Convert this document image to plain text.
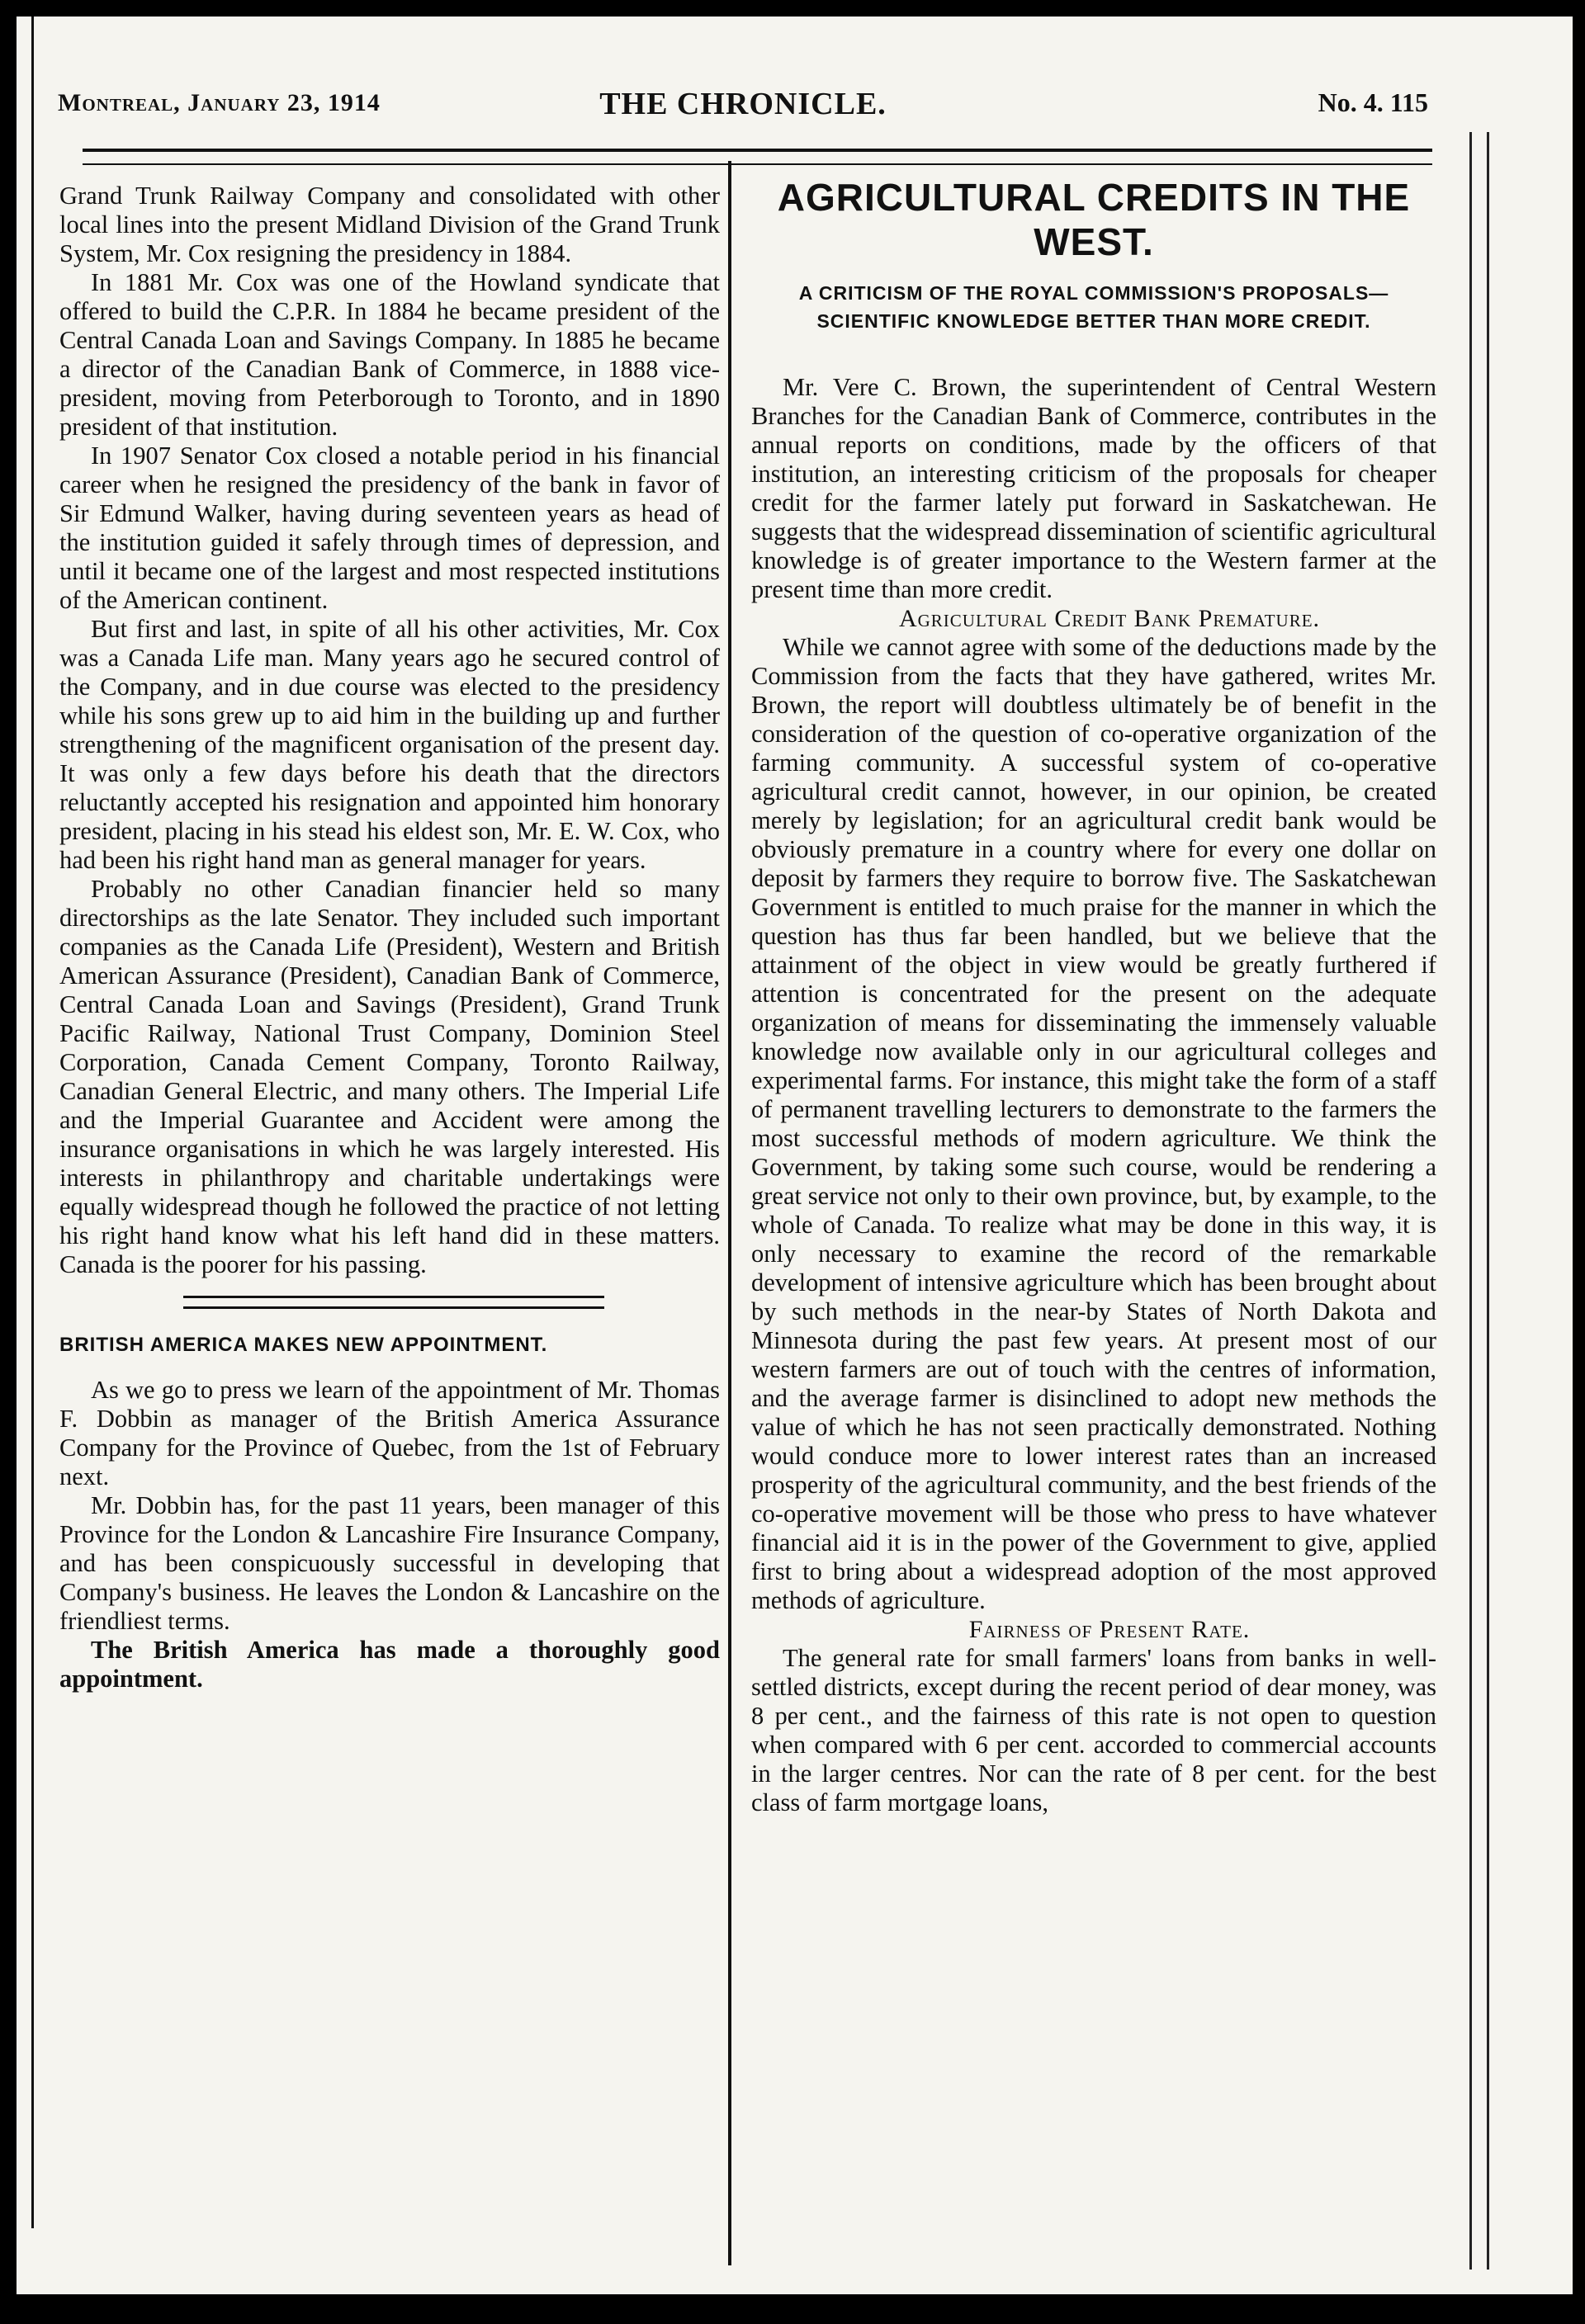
Montreal, January 23, 1914	THE CHRONICLE.	No. 4. 115

Grand Trunk Railway Company and consolidated with other local lines into the present Midland Division of the Grand Trunk System, Mr. Cox resigning the presidency in 1884.

In 1881 Mr. Cox was one of the Howland syndicate that offered to build the C.P.R. In 1884 he became president of the Central Canada Loan and Savings Company. In 1885 he became a director of the Canadian Bank of Commerce, in 1888 vice-president, moving from Peterborough to Toronto, and in 1890 president of that institution.

In 1907 Senator Cox closed a notable period in his financial career when he resigned the presidency of the bank in favor of Sir Edmund Walker, having during seventeen years as head of the institution guided it safely through times of depression, and until it became one of the largest and most respected institutions of the American continent.

But first and last, in spite of all his other activities, Mr. Cox was a Canada Life man. Many years ago he secured control of the Company, and in due course was elected to the presidency while his sons grew up to aid him in the building up and further strengthening of the magnificent organisation of the present day. It was only a few days before his death that the directors reluctantly accepted his resignation and appointed him honorary president, placing in his stead his eldest son, Mr. E. W. Cox, who had been his right hand man as general manager for years.

Probably no other Canadian financier held so many directorships as the late Senator. They included such important companies as the Canada Life (President), Western and British American Assurance (President), Canadian Bank of Commerce, Central Canada Loan and Savings (President), Grand Trunk Pacific Railway, National Trust Company, Dominion Steel Corporation, Canada Cement Company, Toronto Railway, Canadian General Electric, and many others. The Imperial Life and the Imperial Guarantee and Accident were among the insurance organisations in which he was largely interested. His interests in philanthropy and charitable undertakings were equally widespread though he followed the practice of not letting his right hand know what his left hand did in these matters. Canada is the poorer for his passing.

BRITISH AMERICA MAKES NEW APPOINTMENT.

As we go to press we learn of the appointment of Mr. Thomas F. Dobbin as manager of the British America Assurance Company for the Province of Quebec, from the 1st of February next.

Mr. Dobbin has, for the past 11 years, been manager of this Province for the London & Lancashire Fire Insurance Company, and has been conspicuously successful in developing that Company's business. He leaves the London & Lancashire on the friendliest terms.

The British America has made a thoroughly good appointment.

AGRICULTURAL CREDITS IN THE WEST.
A CRITICISM OF THE ROYAL COMMISSION'S PROPOSALS—SCIENTIFIC KNOWLEDGE BETTER THAN MORE CREDIT.

Mr. Vere C. Brown, the superintendent of Central Western Branches for the Canadian Bank of Commerce, contributes in the annual reports on conditions, made by the officers of that institution, an interesting criticism of the proposals for cheaper credit for the farmer lately put forward in Saskatchewan. He suggests that the widespread dissemination of scientific agricultural knowledge is of greater importance to the Western farmer at the present time than more credit.

Agricultural Credit Bank Premature.

While we cannot agree with some of the deductions made by the Commission from the facts that they have gathered, writes Mr. Brown, the report will doubtless ultimately be of benefit in the consideration of the question of co-operative organization of the farming community. A successful system of co-operative agricultural credit cannot, however, in our opinion, be created merely by legislation; for an agricultural credit bank would be obviously premature in a country where for every one dollar on deposit by farmers they require to borrow five. The Saskatchewan Government is entitled to much praise for the manner in which the question has thus far been handled, but we believe that the attainment of the object in view would be greatly furthered if attention is concentrated for the present on the adequate organization of means for disseminating the immensely valuable knowledge now available only in our agricultural colleges and experimental farms. For instance, this might take the form of a staff of permanent travelling lecturers to demonstrate to the farmers the most successful methods of modern agriculture. We think the Government, by taking some such course, would be rendering a great service not only to their own province, but, by example, to the whole of Canada. To realize what may be done in this way, it is only necessary to examine the record of the remarkable development of intensive agriculture which has been brought about by such methods in the near-by States of North Dakota and Minnesota during the past few years. At present most of our western farmers are out of touch with the centres of information, and the average farmer is disinclined to adopt new methods the value of which he has not seen practically demonstrated. Nothing would conduce more to lower interest rates than an increased prosperity of the agricultural community, and the best friends of the co-operative movement will be those who press to have whatever financial aid it is in the power of the Government to give, applied first to bring about a widespread adoption of the most approved methods of agriculture.

Fairness of Present Rate.

The general rate for small farmers' loans from banks in well-settled districts, except during the recent period of dear money, was 8 per cent., and the fairness of this rate is not open to question when compared with 6 per cent. accorded to commercial accounts in the larger centres. Nor can the rate of 8 per cent. for the best class of farm mortgage loans,
